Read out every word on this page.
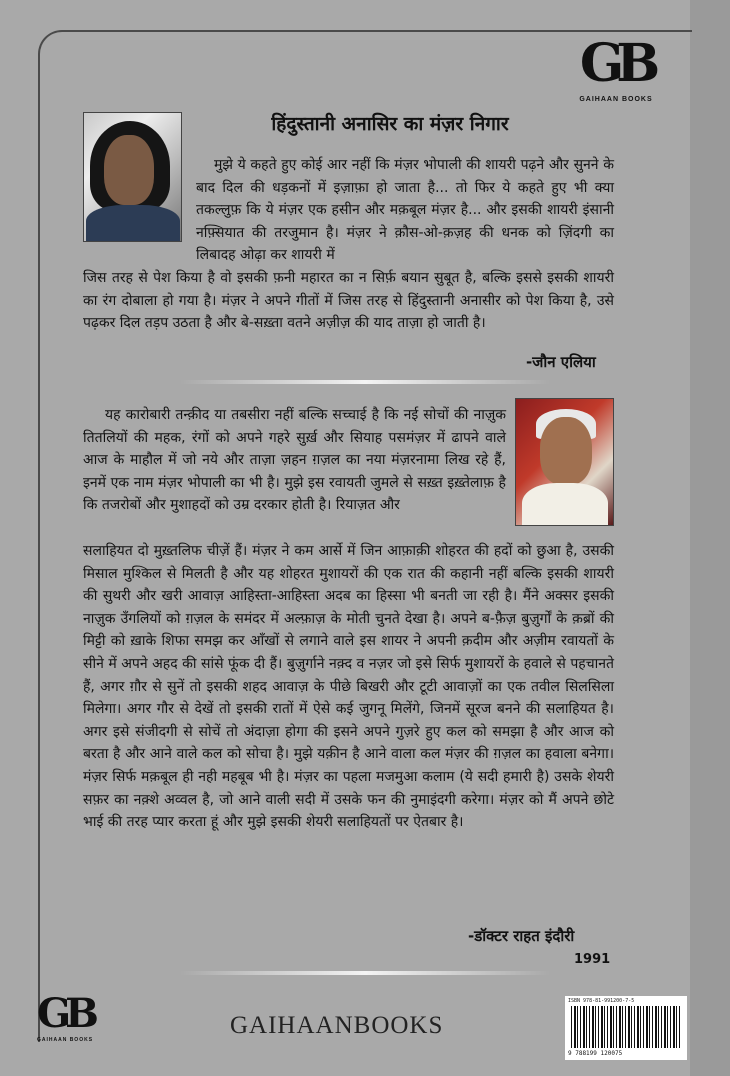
GB
GAIHAAN BOOKS
हिंदुस्तानी अनासिर का मंज़र निगार
मुझे ये कहते हुए कोई आर नहीं कि मंज़र भोपाली की शायरी पढ़ने और सुनने के बाद दिल की धड़कनों में इज़ाफ़ा हो जाता है... तो फिर ये कहते हुए भी क्या तकल्लुफ़ कि ये मंज़र एक हसीन और मक़बूल मंज़र है... और इसकी शायरी इंसानी नफ़्सियात की तरजुमान है। मंज़र ने क़ौस-ओ-क़ज़ह की धनक को ज़िंदगी का लिबादह ओढ़ा कर शायरी में
जिस तरह से पेश किया है वो इसकी फ़नी महारत का न सिर्फ़ बयान सुबूत है, बल्कि इससे इसकी शायरी का रंग दोबाला हो गया है। मंज़र ने अपने गीतों में जिस तरह से हिंदुस्तानी अनासीर को पेश किया है, उसे पढ़कर दिल तड़प उठता है और बे-सख़्ता वतने अज़ीज़ की याद ताज़ा हो जाती है।
-जौन एलिया
यह कारोबारी तन्क़ीद या तबसीरा नहीं बल्कि सच्चाई है कि नई सोचों की नाज़ुक तितलियों की महक, रंगों को अपने गहरे सुर्ख़ और सियाह पसमंज़र में ढापने वाले आज के माहौल में जो नये और ताज़ा ज़हन ग़ज़ल का नया मंज़रनामा लिख रहे हैं, इनमें एक नाम मंज़र भोपाली का भी है। मुझे इस रवायती जुमले से सख़्त इख़्तेलाफ़ है कि तजरोबों और मुशाहदों को उम्र दरकार होती है। रियाज़त और
सलाहियत दो मुख़्तलिफ चीज़ें हैं। मंज़र ने कम आर्से में जिन आफ़ाक़ी शोहरत की हदों को छुआ है, उसकी मिसाल मुश्किल से मिलती है और यह शोहरत मुशायरों की एक रात की कहानी नहीं बल्कि इसकी शायरी की सुथरी और खरी आवाज़ आहिस्ता-आहिस्ता अदब का हिस्सा भी बनती जा रही है। मैंने अक्सर इसकी नाज़ुक उँगलियों को ग़ज़ल के समंदर में अल्फ़ाज़ के मोती चुनते देखा है। अपने ब-फ़ैज़ बुज़ुर्गों के क़ब्रों की मिट्टी को ख़ाके शिफा समझ कर आँखों से लगाने वाले इस शायर ने अपनी क़दीम और अज़ीम रवायतों के सीने में अपने अहद की सांसे फूंक दी हैं। बुज़ुर्गाने नक़्द व नज़र जो इसे सिर्फ मुशायरों के हवाले से पहचानते हैं, अगर ग़ौर से सुनें तो इसकी शहद आवाज़ के पीछे बिखरी और टूटी आवाज़ों का एक तवील सिलसिला मिलेगा। अगर गौर से देखें तो इसकी रातों में ऐसे कई जुगनू मिलेंगे, जिनमें सूरज बनने की सलाहियत है। अगर इसे संजीदगी से सोचें तो अंदाज़ा होगा की इसने अपने गुज़रे हुए कल को समझा है और आज को बरता है और आने वाले कल को सोचा है। मुझे यक़ीन है आने वाला कल मंज़र की ग़ज़ल का हवाला बनेगा। मंज़र सिर्फ मक़बूल ही नही महबूब भी है। मंज़र का पहला मजमुआ कलाम (ये सदी हमारी है) उसके शेयरी सफ़र का नक़्शे अव्वल है, जो आने वाली सदी में उसके फन की नुमाइंदगी करेगा। मंज़र को मैं अपने छोटे भाई की तरह प्यार करता हूं और मुझे इसकी शेयरी सलाहियतों पर ऐतबार है।
-डॉक्टर राहत इंदौरी
1991
GB
GAIHAAN BOOKS
GAIHAANBOOKS
ISBN 978-81-991200-7-5
9 788199 120075
